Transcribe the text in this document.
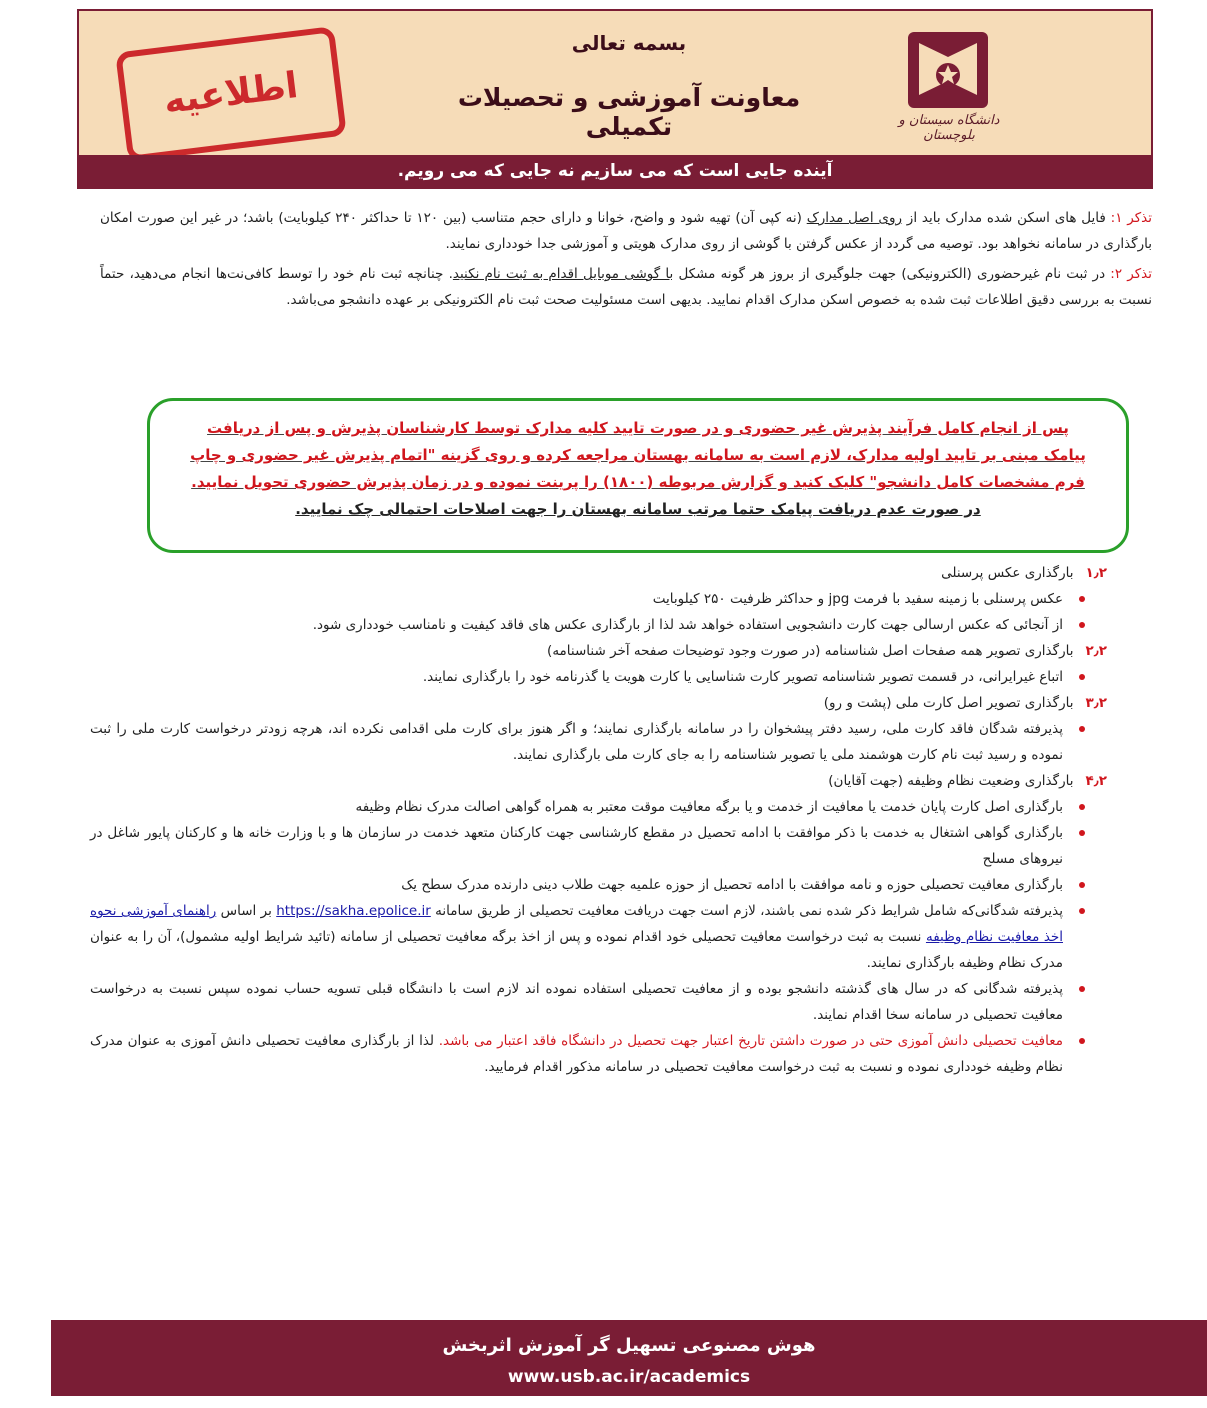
بسمه تعالی
معاونت آموزشی و تحصیلات تکمیلی
اطلاعیه	دانشگاه سیستان و بلوچستان
آینده جایی است که می سازیم نه جایی که می رویم.

تذکر ۱: فایل های اسکن شده مدارک باید از روی اصل مدارک (نه کپی آن) تهیه شود و واضح، خوانا و دارای حجم متناسب (بین ۱۲۰ تا حداکثر ۲۴۰ کیلوبایت) باشد؛ در غیر این صورت امکان بارگذاری در سامانه نخواهد بود. توصیه می گردد از عکس گرفتن با گوشی از روی مدارک هویتی و آموزشی جدا خودداری نمایند.

تذکر ۲: در ثبت نام غیرحضوری (الکترونیکی) جهت جلوگیری از بروز هر گونه مشکل با گوشی موبایل اقدام به ثبت نام نکنید. چنانچه ثبت نام خود را توسط کافی‌نت‌ها انجام می‌دهید، حتماً نسبت به بررسی دقیق اطلاعات ثبت شده به خصوص اسکن مدارک اقدام نمایید. بدیهی است مسئولیت صحت ثبت نام الکترونیکی بر عهده دانشجو می‌باشد.

پس از انجام کامل فرآیند پذیرش غیر حضوری و در صورت تایید کلیه مدارک توسط کارشناسان پذیرش و پس از دریافت
پیامک مبنی بر تایید اولیه مدارک، لازم است به سامانه بهستان مراجعه کرده و روی گزینه "اتمام پذیرش غیر حضوری و چاپ
فرم مشخصات کامل دانشجو" کلیک کنید و گزارش مربوطه (۱۸۰۰) را پرینت نموده و در زمان پذیرش حضوری تحویل نمایید.
در صورت عدم دریافت پیامک حتما مرتب سامانه بهستان را جهت اصلاحات احتمالی چک نمایید.
۱٫۲بارگذاری عکس پرسنلی
عکس پرسنلی با زمینه سفید با فرمت jpg و حداکثر ظرفیت ۲۵۰ کیلوبایت
از آنجائی که عکس ارسالی جهت کارت دانشجویی استفاده خواهد شد لذا از بارگذاری عکس های فاقد کیفیت و نامناسب خودداری شود.
۲٫۲بارگذاری تصویر همه صفحات اصل شناسنامه (در صورت وجود توضیحات صفحه آخر شناسنامه)
اتباع غیرایرانی، در قسمت تصویر شناسنامه تصویر کارت شناسایی یا کارت هویت یا گذرنامه خود را بارگذاری نمایند.
۳٫۲بارگذاری تصویر اصل کارت ملی (پشت و رو)
پذیرفته شدگان فاقد کارت ملی، رسید دفتر پیشخوان را در سامانه بارگذاری نمایند؛ و اگر هنوز برای کارت ملی اقدامی نکرده اند، هرچه زودتر درخواست کارت ملی را ثبت نموده و رسید ثبت نام کارت هوشمند ملی یا تصویر شناسنامه را به جای کارت ملی بارگذاری نمایند.
۴٫۲بارگذاری وضعیت نظام وظیفه (جهت آقایان)
بارگذاری اصل کارت پایان خدمت یا معافیت از خدمت و یا برگه معافیت موقت معتبر به همراه گواهی اصالت مدرک نظام وظیفه
بارگذاری گواهی اشتغال به خدمت با ذکر موافقت با ادامه تحصیل در مقطع کارشناسی جهت کارکنان متعهد خدمت در سازمان ها و با وزارت خانه ها و کارکنان پایور شاغل در نیروهای مسلح
بارگذاری معافیت تحصیلی حوزه و نامه موافقت با ادامه تحصیل از حوزه علمیه جهت طلاب دینی دارنده مدرک سطح یک
پذیرفته شدگانی‌که شامل شرایط ذکر شده نمی باشند، لازم است جهت دریافت معافیت تحصیلی از طریق سامانه https://sakha.epolice.ir بر اساس راهنمای آموزشی نحوه اخذ معافیت نظام وظیفه نسبت به ثبت درخواست معافیت تحصیلی خود اقدام نموده و پس از اخذ برگه معافیت تحصیلی از سامانه (تائید شرایط اولیه مشمول)، آن را به عنوان مدرک نظام وظیفه بارگذاری نمایند.
پذیرفته شدگانی که در سال های گذشته دانشجو بوده و از معافیت تحصیلی استفاده نموده اند لازم است با دانشگاه قبلی تسویه حساب نموده سپس نسبت به درخواست معافیت تحصیلی در سامانه سخا اقدام نمایند.
معافیت تحصیلی دانش آموزی حتی در صورت داشتن تاریخ اعتبار جهت تحصیل در دانشگاه فاقد اعتبار می باشد. لذا از بارگذاری معافیت تحصیلی دانش آموزی به عنوان مدرک نظام وظیفه خودداری نموده و نسبت به ثبت درخواست معافیت تحصیلی در سامانه مذکور اقدام فرمایید.
هوش مصنوعی تسهیل گر آموزش اثربخش
www.usb.ac.ir/academics
